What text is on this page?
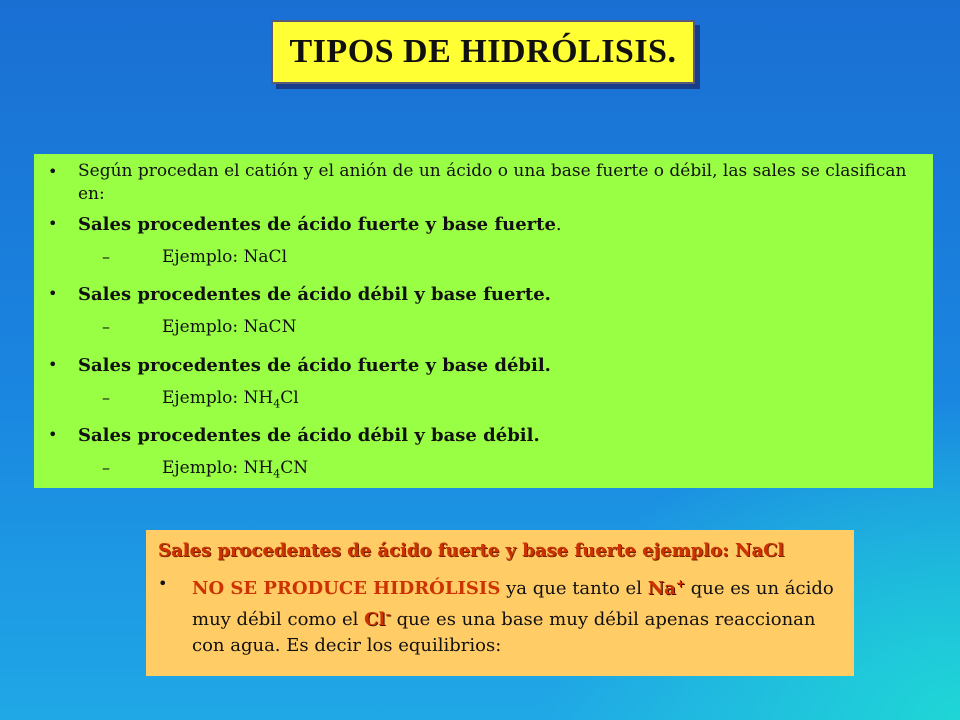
TIPOS DE HIDRÓLISIS.
•	Según procedan el catión y el anión de un ácido o una base fuerte o débil, las sales se clasifican en:
•	Sales procedentes de ácido fuerte y base fuerte.
–	Ejemplo: NaCl
•	Sales procedentes de ácido débil y base fuerte.
–	Ejemplo: NaCN
•	Sales procedentes de ácido fuerte y base débil.
–	Ejemplo: $NH_4Cl$
•	Sales procedentes de ácido débil y base débil.
–	Ejemplo: $NH_4CN$
Sales procedentes de ácido fuerte y base fuerte ejemplo: NaCl
•	NO SE PRODUCE HIDRÓLISIS ya que tanto el Na+ que es un ácido muy débil como el Cl– que es una base muy débil apenas reaccionan con agua. Es decir los equilibrios:
